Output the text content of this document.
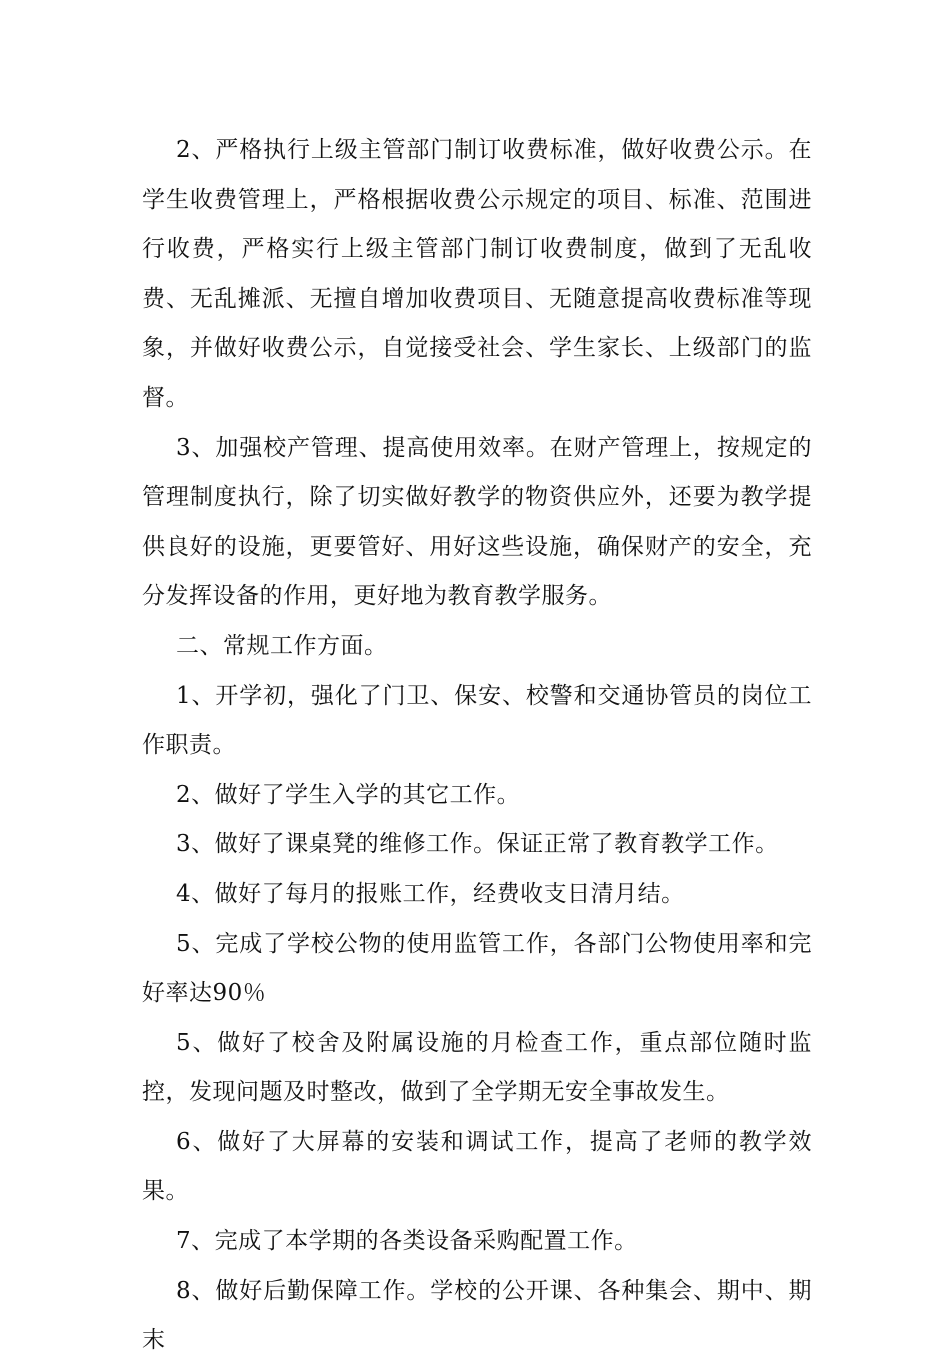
2、严格执行上级主管部门制订收费标准，做好收费公示。在学生收费管理上，严格根据收费公示规定的项目、标准、范围进行收费，严格实行上级主管部门制订收费制度，做到了无乱收费、无乱摊派、无擅自增加收费项目、无随意提高收费标准等现象，并做好收费公示，自觉接受社会、学生家长、上级部门的监督。

3、加强校产管理、提高使用效率。在财产管理上，按规定的管理制度执行，除了切实做好教学的物资供应外，还要为教学提供良好的设施，更要管好、用好这些设施，确保财产的安全，充分发挥设备的作用，更好地为教育教学服务。

二、常规工作方面。

1、开学初，强化了门卫、保安、校警和交通协管员的岗位工作职责。

2、做好了学生入学的其它工作。

3、做好了课桌凳的维修工作。保证正常了教育教学工作。

4、做好了每月的报账工作，经费收支日清月结。

5、完成了学校公物的使用监管工作，各部门公物使用率和完好率达90％

5、做好了校舍及附属设施的月检查工作，重点部位随时监控，发现问题及时整改，做到了全学期无安全事故发生。

6、做好了大屏幕的安装和调试工作，提高了老师的教学效果。

7、完成了本学期的各类设备采购配置工作。

8、做好后勤保障工作。学校的公开课、各种集会、期中、期末
